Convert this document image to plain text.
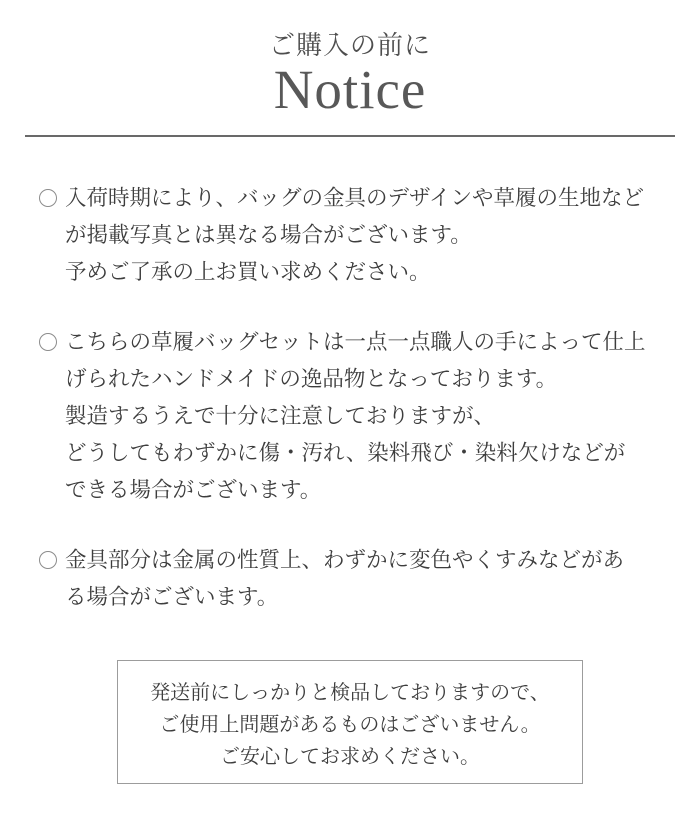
ご購入の前に
Notice
入荷時期により、バッグの金具のデザインや草履の生地など
が掲載写真とは異なる場合がございます。
予めご了承の上お買い求めください。
こちらの草履バッグセットは一点一点職人の手によって仕上
げられたハンドメイドの逸品物となっております。
製造するうえで十分に注意しておりますが、
どうしてもわずかに傷・汚れ、染料飛び・染料欠けなどが
できる場合がございます。
金具部分は金属の性質上、わずかに変色やくすみなどがあ
る場合がございます。
発送前にしっかりと検品しておりますので、
ご使用上問題があるものはございません。
ご安心してお求めください。
